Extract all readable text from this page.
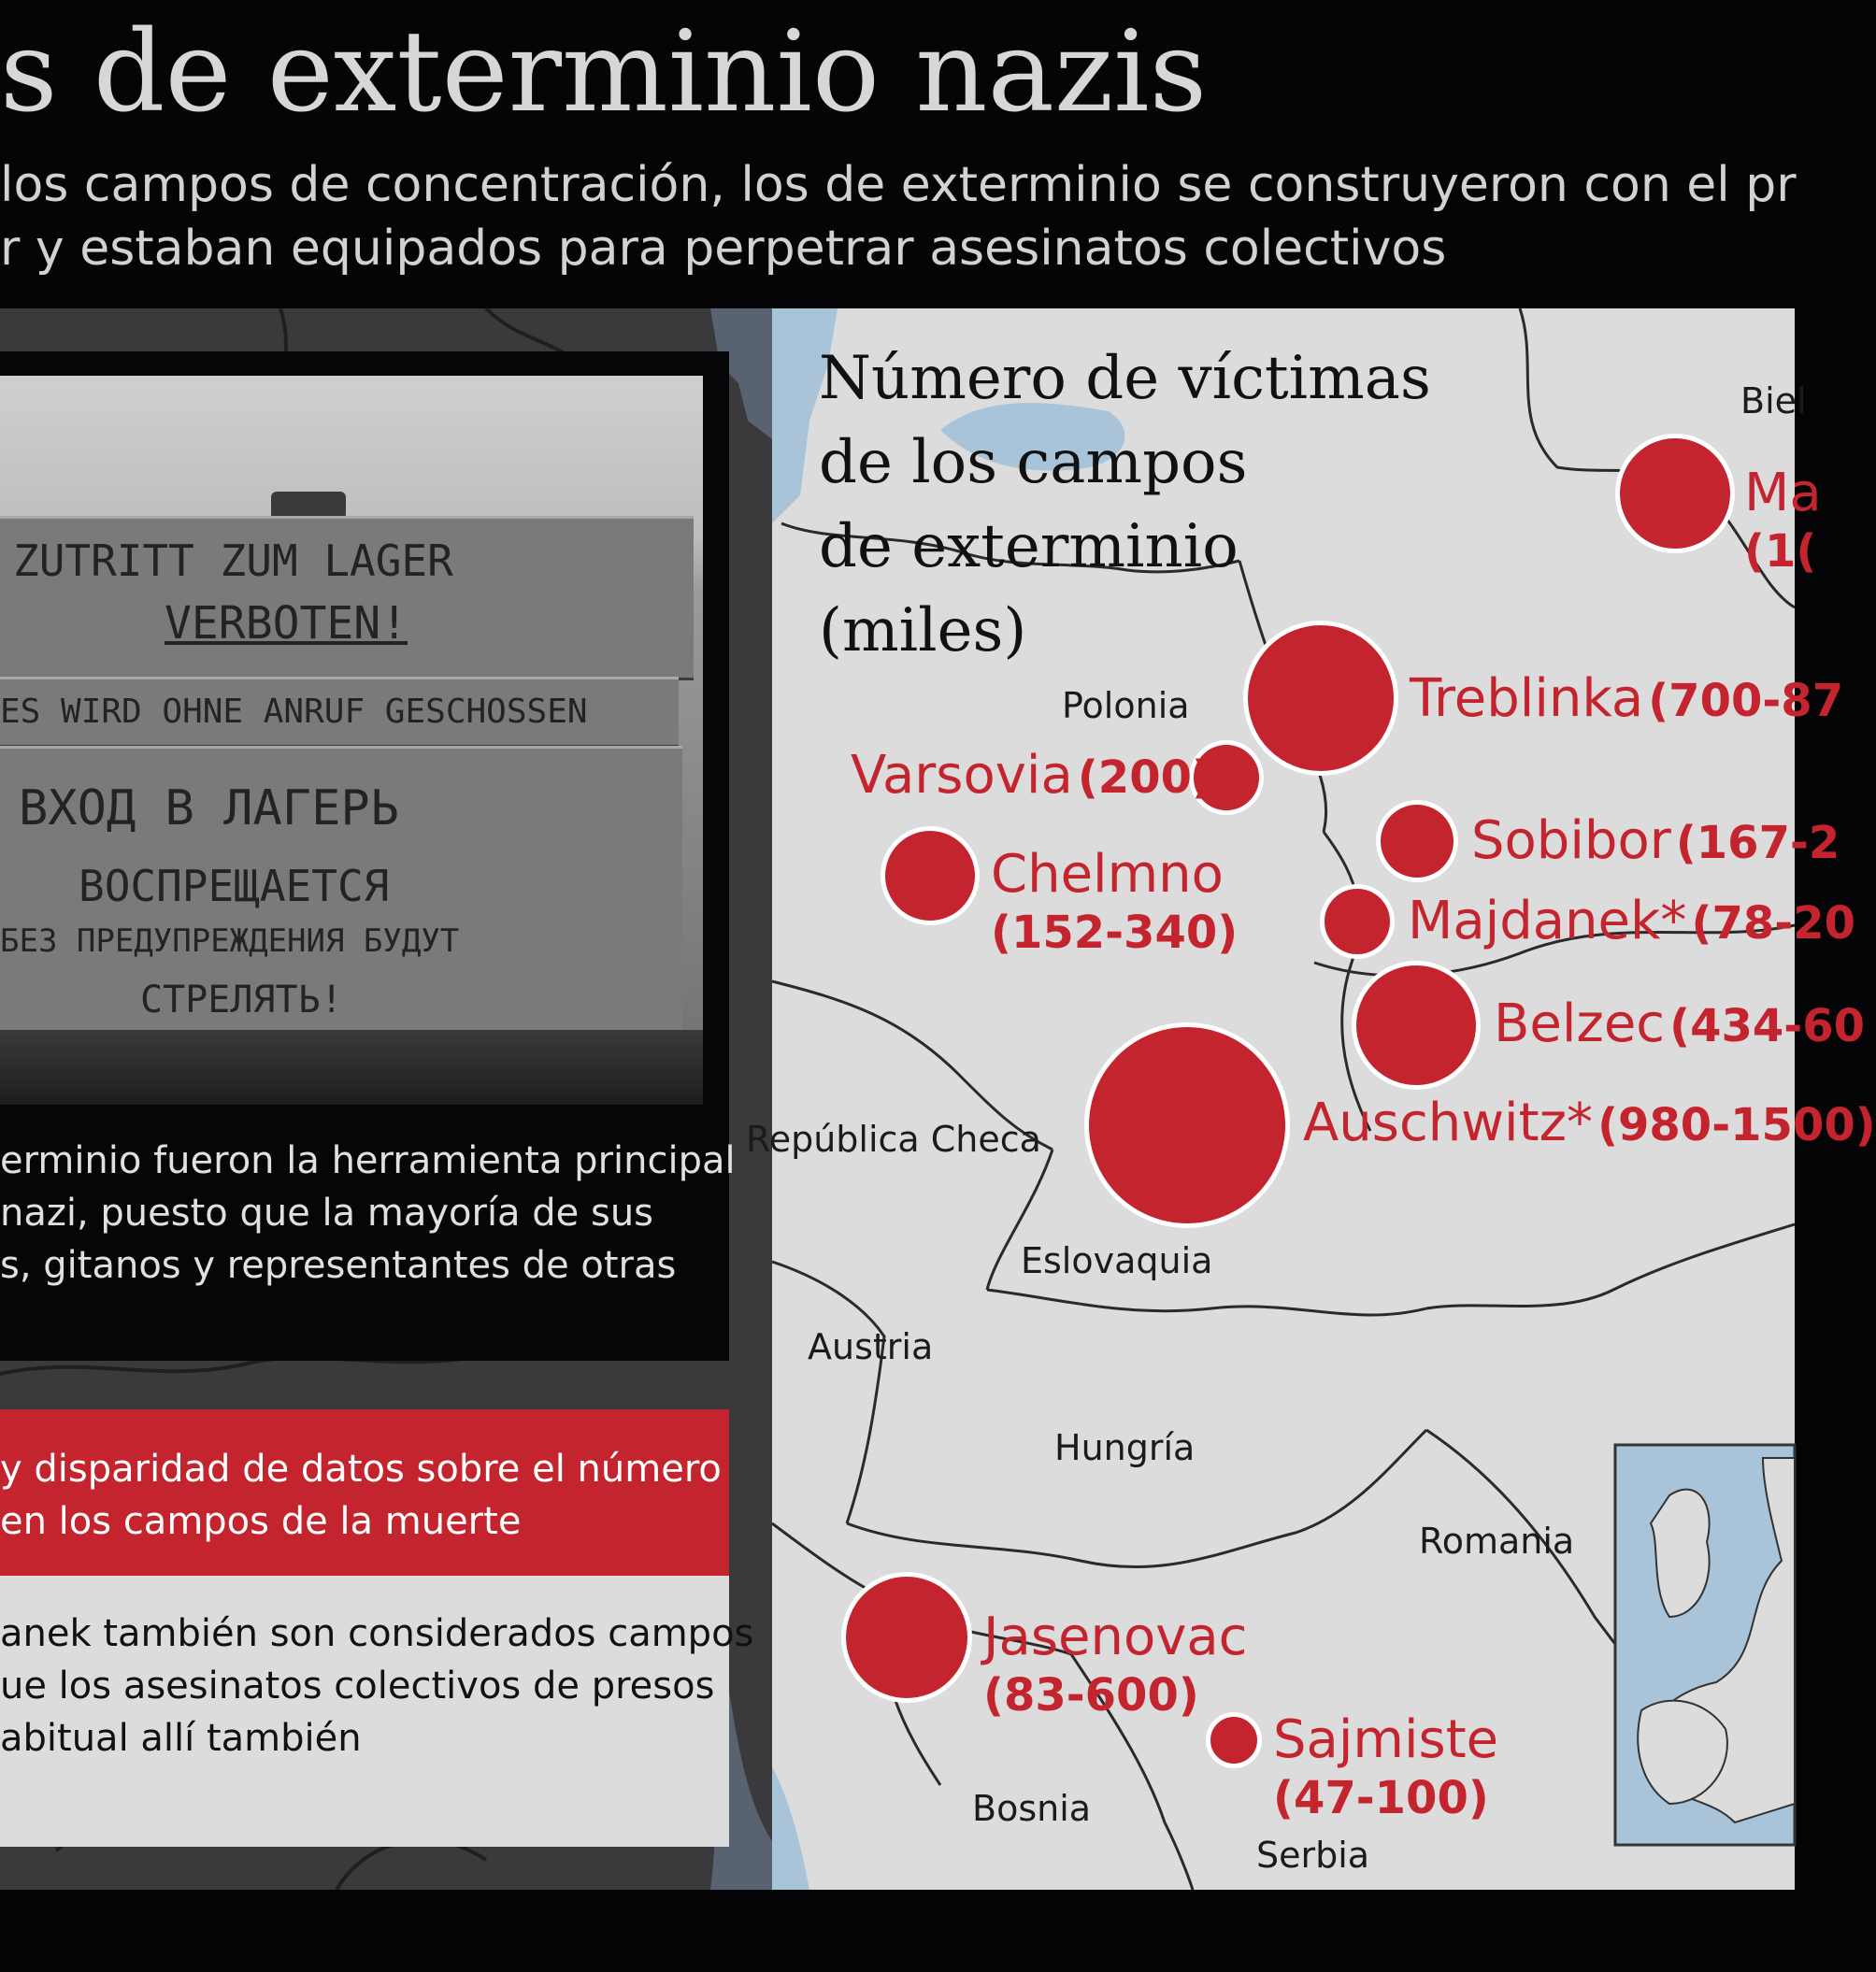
s de exterminio nazis
los campos de concentración, los de exterminio se construyeron con el pr
r y estaban equipados para perpetrar asesinatos colectivos
ZUTRITT ZUM LAGER
VERBOTEN!
ES WIRD OHNE ANRUF GESCHOSSEN
ВХОД В ЛАГЕРЬ
ВОСПРЕЩАЕТСЯ
БЕЗ ПРЕДУПРЕЖДЕНИЯ БУДУТ
СТРЕЛЯТЬ!
erminio fueron la herramienta principal
nazi, puesto que la mayoría de sus
s, gitanos y representantes de otras
y disparidad de datos sobre el número
en los campos de la muerte
anek también son considerados campos
ue los asesinatos colectivos de presos
abitual allí también
Número de víctimas
de los campos
de exterminio
(miles)
Biel
Polonia
República Checa
Eslovaquia
Austria
Hungría
Romania
Bosnia
Serbia
Ma
(1(
Treblinka (700-87
Varsovia (200)
Sobibor (167-2
Chelmno
(152-340)	Majdanek* (78-20
Belzec (434-60
Auschwitz* (980-1500)
Jasenovac
(83-600)
Sajmiste
(47-100)
